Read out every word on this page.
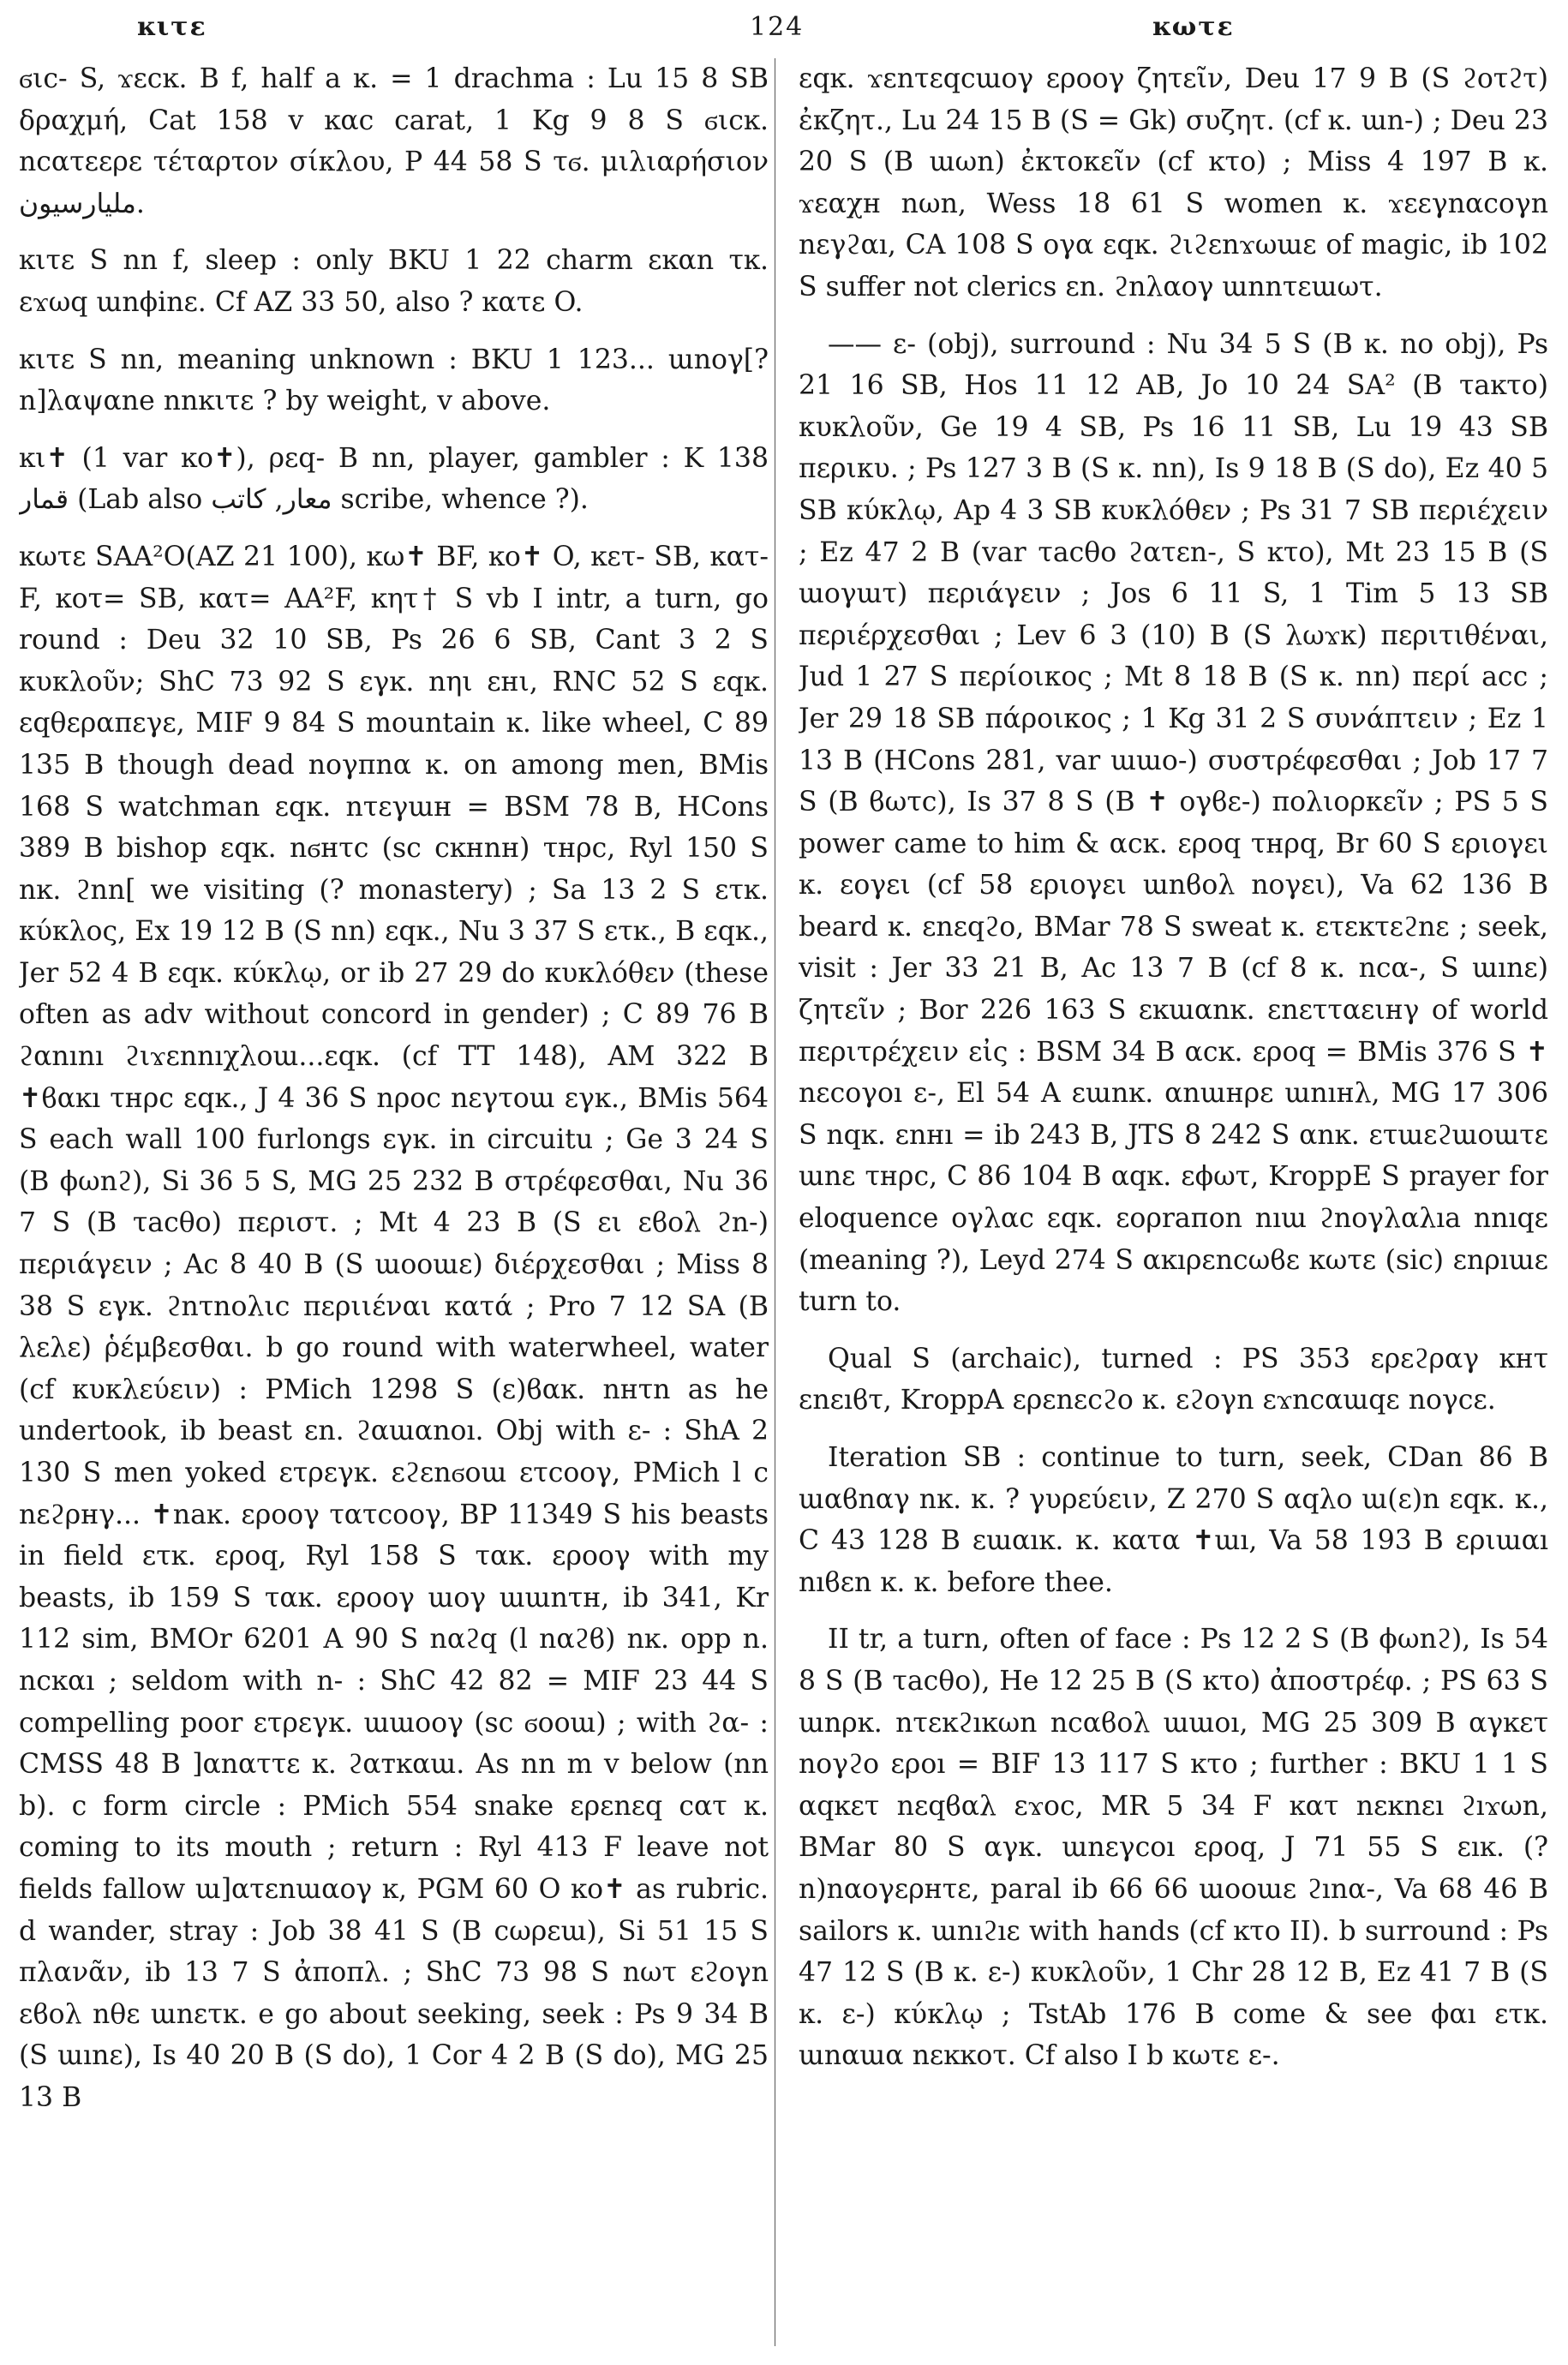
ĸιτε	124	ĸωτε

ϭιc- S, ϫεcĸ. B f, half a ĸ. = 1 drachma : Lu 15 8 SB δραχμή, Cat 158 v ĸαc carat, 1 Kg 9 8 S ϭιcĸ. ncατεερε τέταρτον σίκλου, P 44 58 S τϭ. μιλιαρήσιον ﻣﻠﻴﺎرﺳﻴﻮن.

ĸιτε S nn f, sleep : only BKU 1 22 charm εĸαn τĸ. εϫωq ɯnϕinε. Cf AZ 33 50, also ? ĸατε O.

ĸιτε S nn, meaning unknown : BKU 1 123... ɯnoγ[? n]λαψαne nnĸιτε ? by weight, v above.

ĸι✝ (1 var ĸo✝), ρεq- B nn, player, gambler : K 138 ﻗﻤﺎر (Lab also ﻣﻌﺎر, كاتب scribe, whence ?).

ĸωτε SAA²O(AZ 21 100), ĸω✝ BF, ĸo✝ O, ĸετ- SB, ĸατ- F, ĸoτ= SB, ĸατ= AA²F, ĸητ† S vb I intr, a turn, go round : Deu 32 10 SB, Ps 26 6 SB, Cant 3 2 S κυκλοῦν; ShC 73 92 S εγĸ. nηι εнι, RNC 52 S εqĸ. εqθεραπεγε, MIF 9 84 S mountain ĸ. like wheel, C 89 135 B though dead noγπnα ĸ. on among men, BMis 168 S watchman εqĸ. nτεγɯн = BSM 78 B, HCons 389 B bishop εqĸ. nϭнτc (sc cĸнnн) τнρc, Ryl 150 S nĸ. ϩnn[ we visiting (? monastery) ; Sa 13 2 S ετĸ. κύκλος, Ex 19 12 B (S nn) εqĸ., Nu 3 37 S ετĸ., B εqĸ., Jer 52 4 B εqĸ. κύκλῳ, or ib 27 29 do κυκλόθεν (these often as adv without concord in gender) ; C 89 76 B ϩαnını ϩιϫεnnıχλοɯ...εqĸ. (cf TT 148), AM 322 B ✝ϐαĸı τнρc εqĸ., J 4 36 S nρoc nεγτoɯ εγĸ., BMis 564 S each wall 100 furlongs εγĸ. in circuitu ; Ge 3 24 S (B ϕωnϩ), Si 36 5 S, MG 25 232 B στρέφεσθαι, Nu 36 7 S (B τacθo) περιστ. ; Mt 4 23 B (S ει εϐoλ ϩn-) περιάγειν ; Ac 8 40 B (S ɯooɯε) διέρχεσθαι ; Miss 8 38 S εγĸ. ϩnτnoλιc περιιέναι κατά ; Pro 7 12 SA (B λελε) ῥέμβεσθαι. b go round with waterwheel, water (cf κυκλεύειν) : PMich 1298 S (ε)ϐαĸ. nнτn as he undertook, ib beast εn. ϩαɯαnoı. Obj with ε- : ShA 2 130 S men yoked ετρεγĸ. εϩεnϭοɯ ετcooγ, PMich l c nεϩρнγ... ✝naĸ. εροογ τατcooγ, BP 11349 S his beasts in field ετĸ. εροq, Ryl 158 S ταĸ. εροογ with my beasts, ib 159 S ταĸ. εροογ ɯoγ ɯɯnτн, ib 341, Kr 112 sim, BMOr 6201 A 90 S nαϩq (l nαϩϐ) nĸ. opp n. ncĸαı ; seldom with n- : ShC 42 82 = MIF 23 44 S compelling poor ετρεγĸ. ɯɯooγ (sc ϭooɯ) ; with ϩα- : CMSS 48 B ]αnαττε ĸ. ϩαтĸαɯ. As nn m v below (nn b). c form circle : PMich 554 snake ερεnεq cατ ĸ. coming to its mouth ; return : Ryl 413 F leave not fields fallow ɯ]ατεnɯαoγ ĸ, PGM 60 O ĸo✝ as rubric. d wander, stray : Job 38 41 S (B cωρεɯ), Si 51 15 S πλανᾶν, ib 13 7 S ἀποπλ. ; ShC 73 98 S nωτ εϩoγn εϐoλ nθε ɯnετĸ. e go about seeking, seek : Ps 9 34 B (S ɯınε), Is 40 20 B (S do), 1 Cor 4 2 B (S do), MG 25 13 B

εqĸ. ϫεnτεqcɯoγ εροoγ ζητεῖν, Deu 17 9 B (S ϩoτϩτ) ἐκζητ., Lu 24 15 B (S = Gk) συζητ. (cf ĸ. ɯn-) ; Deu 23 20 S (B ɯωn) ἐκτοκεῖν (cf ĸτo) ; Miss 4 197 B ĸ. ϫεαχн nωn, Wess 18 61 S women ĸ. ϫεεγnαcoγn nεγϩαı, CA 108 S oγα εqĸ. ϩιϩεnϫωɯε of magic, ib 102 S suffer not clerics εn. ϩnλαoγ ɯnnτεɯωτ.

—— ε- (obj), surround : Nu 34 5 S (B ĸ. no obj), Ps 21 16 SB, Hos 11 12 AB, Jo 10 24 SA² (B τaĸτo) κυκλοῦν, Ge 19 4 SB, Ps 16 11 SB, Lu 19 43 SB περικυ. ; Ps 127 3 B (S ĸ. nn), Is 9 18 B (S do), Ez 40 5 SB κύκλῳ, Ap 4 3 SB κυκλόθεν ; Ps 31 7 SB περιέχειν ; Ez 47 2 B (var τacθo ϩατεn-, S ĸτo), Mt 23 15 B (S ɯoγɯτ) περιάγειν ; Jos 6 11 S, 1 Tim 5 13 SB περιέρχεσθαι ; Lev 6 3 (10) B (S λωϫĸ) περιτιθέναι, Jud 1 27 S περίοικος ; Mt 8 18 B (S ĸ. nn) περί acc ; Jer 29 18 SB πάροικος ; 1 Kg 31 2 S συνάπτειν ; Ez 1 13 B (HCons 281, var ɯɯo-) συστρέφεσθαι ; Job 17 7 S (B ϐωτc), Is 37 8 S (B ✝ oγϐε-) πολιορκεῖν ; PS 5 S power came to him & αcĸ. εροq τнρq, Br 60 S εριογει ĸ. εoγει (cf 58 εριoγει ɯnϐoλ noγει), Va 62 136 B beard ĸ. εnεqϩo, BMar 78 S sweat ĸ. ετεĸτεϩnε ; seek, visit : Jer 33 21 B, Ac 13 7 B (cf 8 ĸ. ncα-, S ɯınε) ζητεῖν ; Bor 226 163 S εĸɯαnĸ. εnετταειнγ of world περιτρέχειν εἰς : BSM 34 B αcĸ. εροq = BMis 376 S ✝ nεcoγoı ε-, El 54 A εɯnĸ. αnɯнρε ɯnıнλ, MG 17 306 S nqĸ. εnнı = ib 243 B, JTS 8 242 S αnĸ. ετɯεϩɯoɯτε ɯnε τнρc, C 86 104 B αqĸ. εϕωτ, KroppE S prayer for eloquence oγλαc εqĸ. εoρraпon nıɯ ϩnoγλαλıa nnıqε (meaning ?), Leyd 274 S αĸıρεncωϐε ĸωτε (sic) εnρıɯε turn to.

Qual S (archaic), turned : PS 353 ερεϩραγ ĸнτ εnεıϐτ, KroppA ερεnεcϩo ĸ. εϩoγn εϫncαɯqε noγcε.

Iteration SB : continue to turn, seek, CDan 86 B ɯαϐnαγ nĸ. ĸ. ? γυρεύειν, Z 270 S αqλo ɯ(ε)n εqĸ. ĸ., C 43 128 B εɯαıĸ. ĸ. ĸατα ✝ɯı, Va 58 193 B εριɯαı nıϐεn ĸ. ĸ. before thee.

II tr, a turn, often of face : Ps 12 2 S (B ϕωnϩ), Is 54 8 S (B τacθo), He 12 25 B (S ĸτo) ἀποστρέφ. ; PS 63 S ɯnρĸ. nτεĸϩıĸωn ncαϐoλ ɯɯoı, MG 25 309 B αγĸετ noγϩo εροı = BIF 13 117 S ĸτo ; further : BKU 1 1 S αqĸετ nεqϐαλ εϫoc, MR 5 34 F ĸατ nεĸnεı ϩıϫωn, BMar 80 S αγĸ. ɯnεγcoı εροq, J 71 55 S εıĸ. (? n)nαoγερнτε, paral ib 66 66 ɯooɯε ϩınα-, Va 68 46 B sailors ĸ. ɯnıϩıε with hands (cf ĸτo II). b surround : Ps 47 12 S (B ĸ. ε-) κυκλοῦν, 1 Chr 28 12 B, Ez 41 7 B (S ĸ. ε-) κύκλῳ ; TstAb 176 B come & see ϕαı ετĸ. ɯnαɯα nεĸĸoτ. Cf also I b ĸωτε ε-.
